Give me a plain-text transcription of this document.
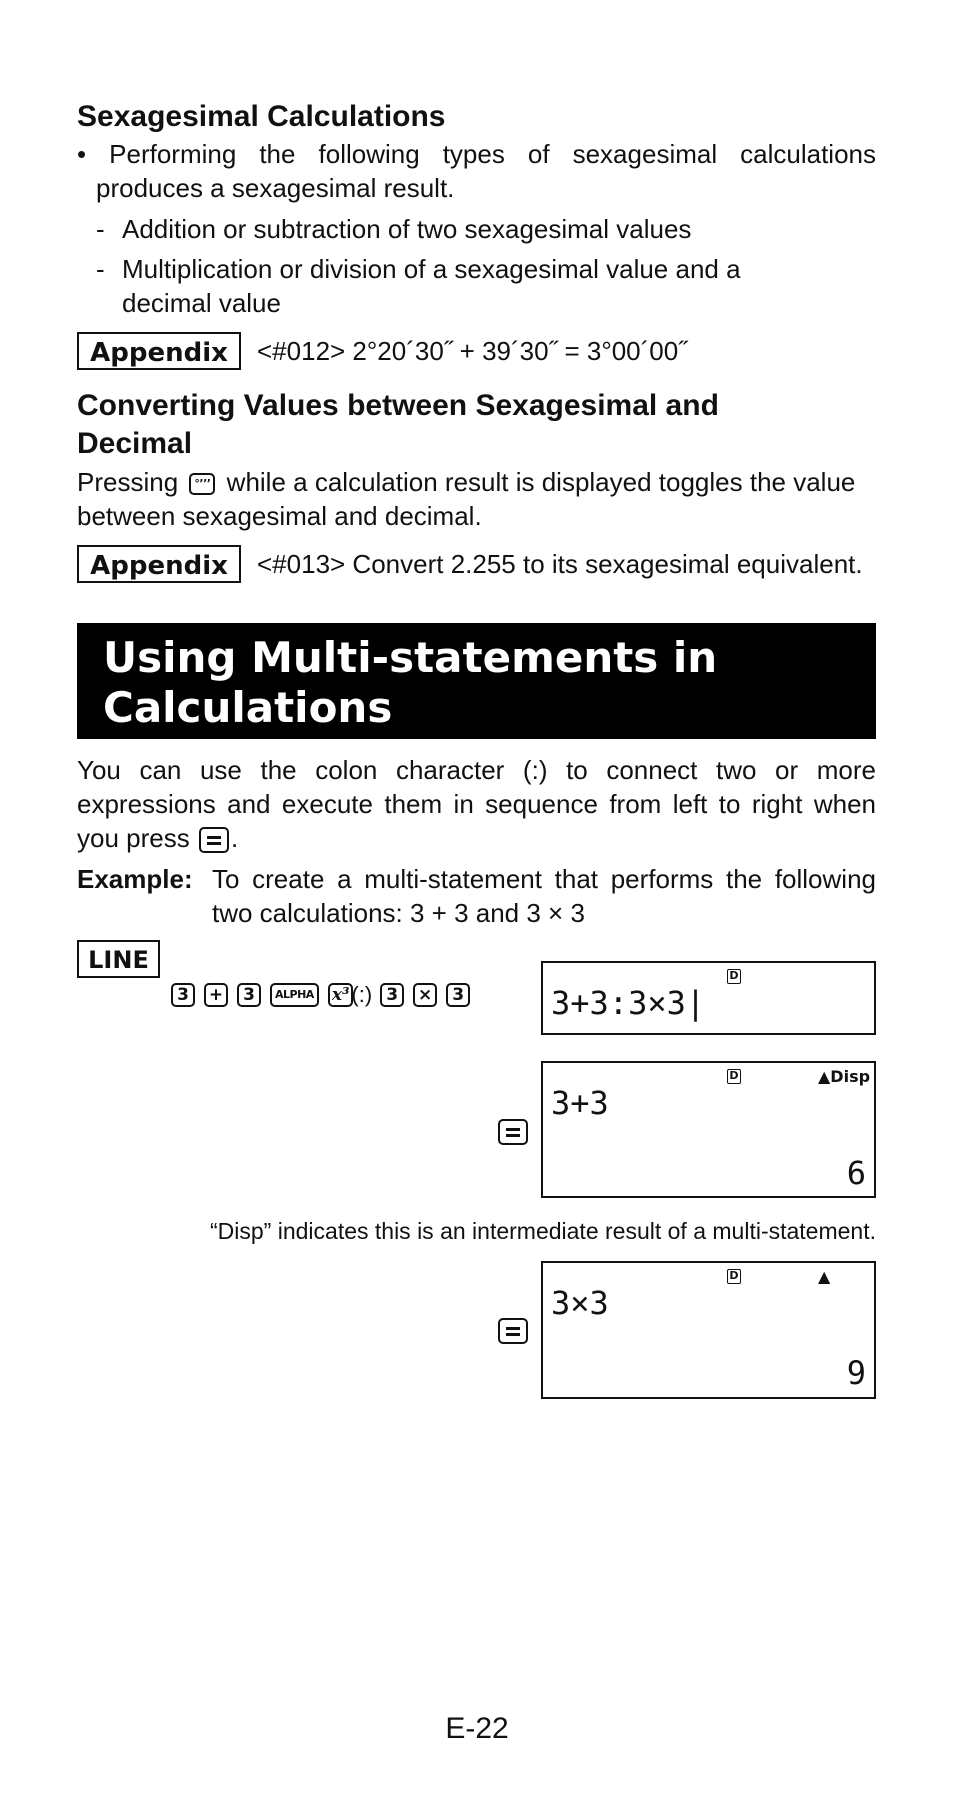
Sexagesimal Calculations
• Performing the following types of sexagesimal calculations
produces a sexagesimal result.
- Addition or subtraction of two sexagesimal values
- Multiplication or division of a sexagesimal value and a
decimal value
Appendix	<#012> 2°20´30˝ + 39´30˝ = 3°00´00˝
Converting Values between Sexagesimal and
Decimal
Pressing °’’’ while a calculation result is displayed toggles the value
between sexagesimal and decimal.
Appendix	<#013> Convert 2.255 to its sexagesimal equivalent.
Using Multi-statements in
Calculations
You can use the colon character (:) to connect two or more
expressions and execute them in sequence from left to right when
you press .
Example: To create a multi-statement that performs the following
two calculations: 3 + 3 and 3 × 3
LINE
3 + 3 ALPHA x³(:) 3 × 3
D
3+3:3×3|
D	▲Disp
3+3
6
“Disp” indicates this is an intermediate result of a multi-statement.
D	▲
3×3
9
E-22
